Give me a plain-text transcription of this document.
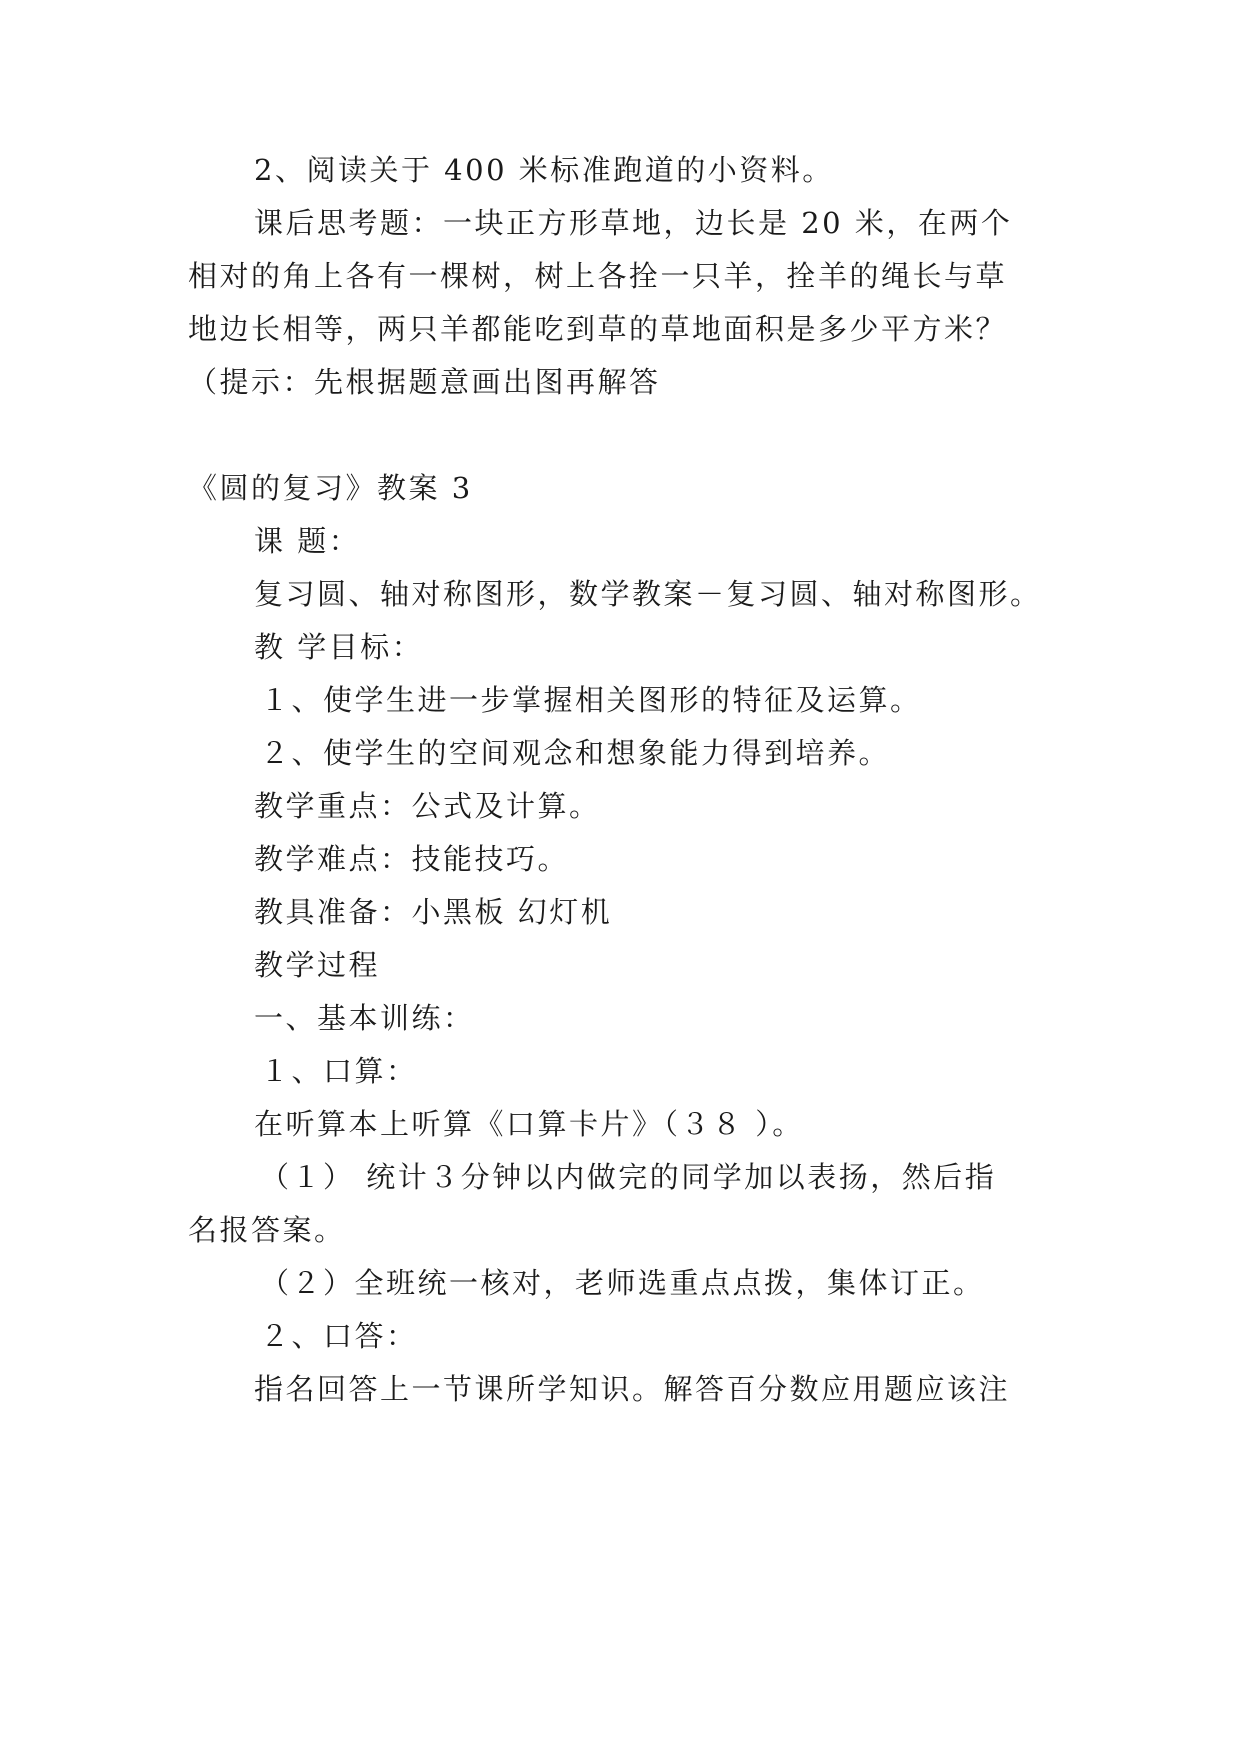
2、阅读关于 400 米标准跑道的小资料。
课后思考题：一块正方形草地，边长是 20 米，在两个
相对的角上各有一棵树，树上各拴一只羊，拴羊的绳长与草
地边长相等，两只羊都能吃到草的草地面积是多少平方米？
（提示：先根据题意画出图再解答
《圆的复习》教案 3
课 题：
复习圆、轴对称图形，数学教案－复习圆、轴对称图形。
教 学目标：
１、使学生进一步掌握相关图形的特征及运算。
２、使学生的空间观念和想象能力得到培养。
教学重点：公式及计算。
教学难点：技能技巧。
教具准备：小黑板 幻灯机
教学过程
一、基本训练：
１、口算：
在听算本上听算《口算卡片》（３８ ）。
（１） 统计３分钟以内做完的同学加以表扬，然后指
名报答案。
（２）全班统一核对，老师选重点点拨，集体订正。
２、口答：
指名回答上一节课所学知识。解答百分数应用题应该注
